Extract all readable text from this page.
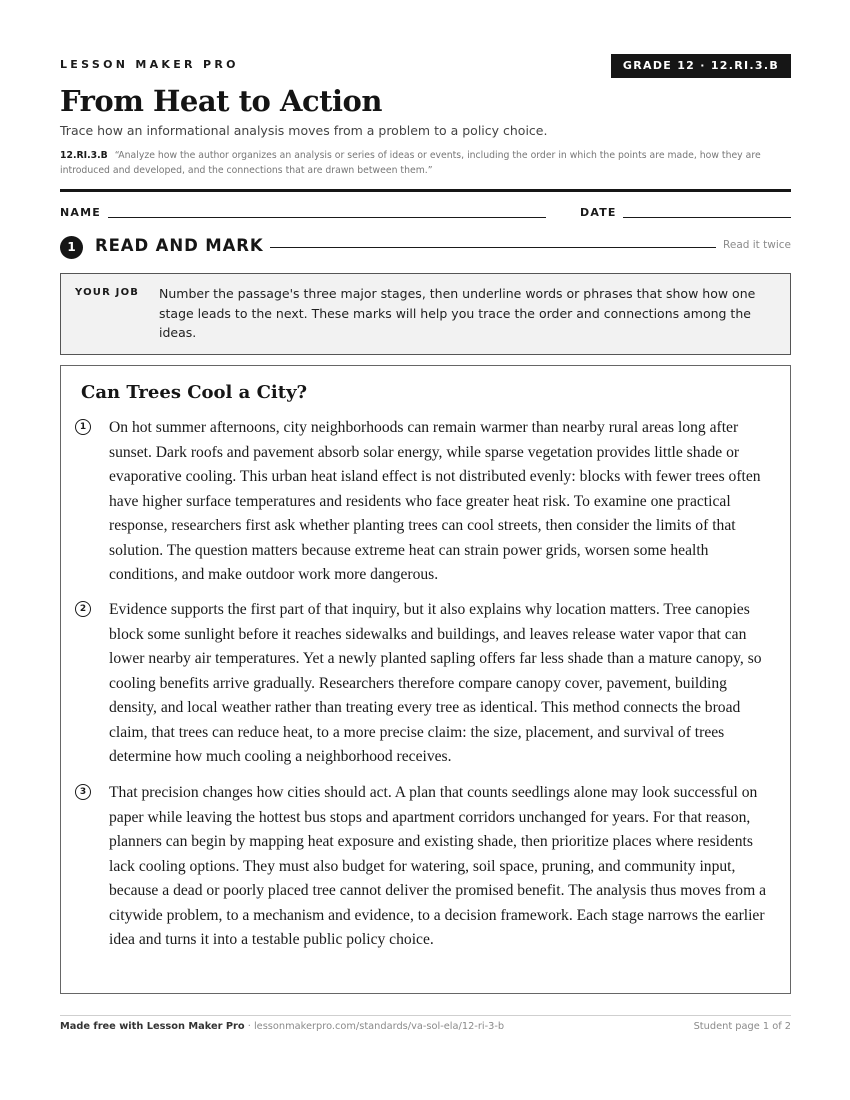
LESSON MAKER PRO	GRADE 12 · 12.RI.3.B
From Heat to Action
Trace how an informational analysis moves from a problem to a policy choice.
12.RI.3.B “Analyze how the author organizes an analysis or series of ideas or events, including the order in which the points are made, how they are introduced and developed, and the connections that are drawn between them.”
NAME	DATE
1	READ AND MARK	Read it twice
YOUR JOB Number the passage's three major stages, then underline words or phrases that show how one stage leads to the next. These marks will help you trace the order and connections among the ideas.
Can Trees Cool a City?
1	On hot summer afternoons, city neighborhoods can remain warmer than nearby rural areas long after sunset. Dark roofs and pavement absorb solar energy, while sparse vegetation provides little shade or evaporative cooling. This urban heat island effect is not distributed evenly: blocks with fewer trees often have higher surface temperatures and residents who face greater heat risk. To examine one practical response, researchers first ask whether planting trees can cool streets, then consider the limits of that solution. The question matters because extreme heat can strain power grids, worsen some health conditions, and make outdoor work more dangerous.
2	Evidence supports the first part of that inquiry, but it also explains why location matters. Tree canopies block some sunlight before it reaches sidewalks and buildings, and leaves release water vapor that can lower nearby air temperatures. Yet a newly planted sapling offers far less shade than a mature canopy, so cooling benefits arrive gradually. Researchers therefore compare canopy cover, pavement, building density, and local weather rather than treating every tree as identical. This method connects the broad claim, that trees can reduce heat, to a more precise claim: the size, placement, and survival of trees determine how much cooling a neighborhood receives.
3	That precision changes how cities should act. A plan that counts seedlings alone may look successful on paper while leaving the hottest bus stops and apartment corridors unchanged for years. For that reason, planners can begin by mapping heat exposure and existing shade, then prioritize places where residents lack cooling options. They must also budget for watering, soil space, pruning, and community input, because a dead or poorly placed tree cannot deliver the promised benefit. The analysis thus moves from a citywide problem, to a mechanism and evidence, to a decision framework. Each stage narrows the earlier idea and turns it into a testable public policy choice.
Made free with Lesson Maker Pro · lessonmakerpro.com/standards/va-sol-ela/12-ri-3-b	Student page 1 of 2
